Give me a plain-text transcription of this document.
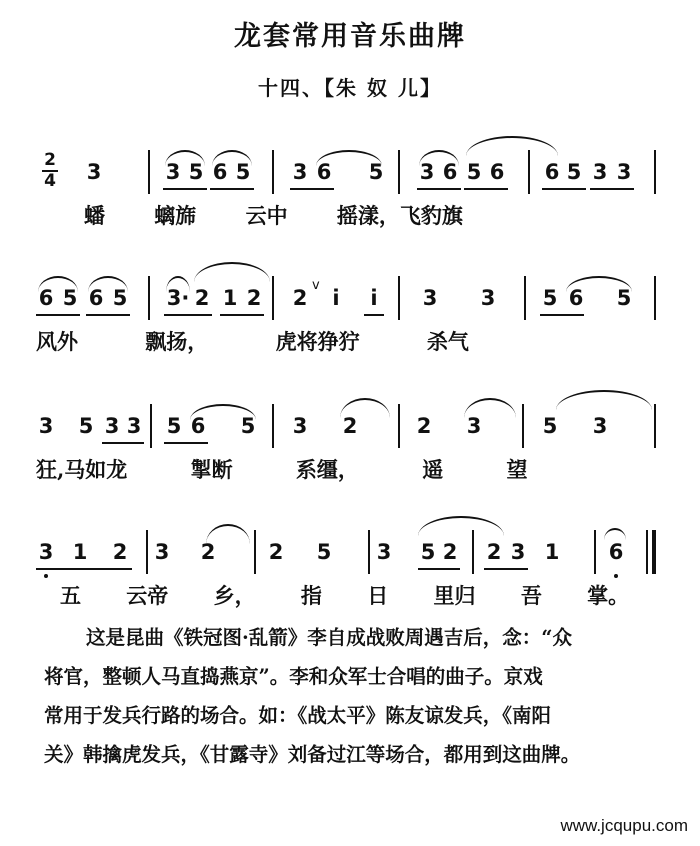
龙套常用音乐曲牌
十四、【朱 奴 儿】
2
4 3	3 5 6 5 3 6 5 3 6 5 6 6 5 3 3
蟠 螭旆 云中 摇漾，飞豹旗
6 5 6 5 3· 2 1 2 2
v
i	i	3 3 5 6 5
风外 飘扬， 虎将狰狞 杀气
3 5 3 3 5 6 5 3 2	2 3	5 3
狂,马如龙 掣断 系缰， 遥 望
3 1 2 3 2	2 5 3 5 2 2 3 1 6
五 云帝 乡， 指 日 里归 吾 掌。

这是昆曲《铁冠图·乱箭》李自成战败周遇吉后，念：“众

将官，整顿人马直捣燕京”。李和众军士合唱的曲子。京戏

常用于发兵行路的场合。如：《战太平》陈友谅发兵，《南阳

关》韩擒虎发兵，《甘露寺》刘备过江等场合，都用到这曲牌。

www.jcqupu.com
